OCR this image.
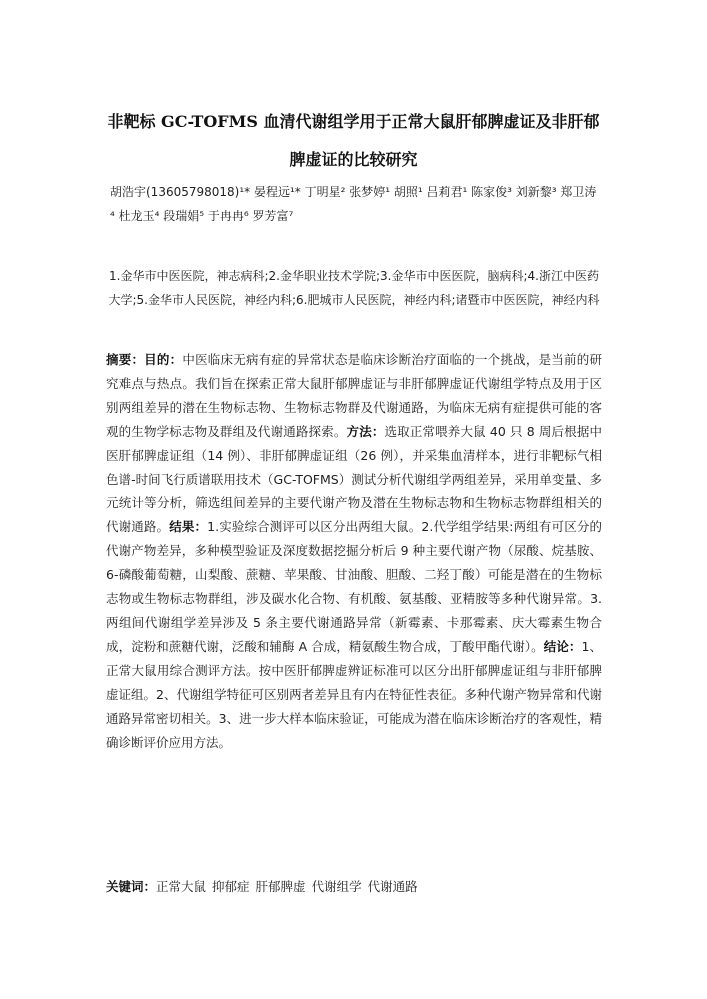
非靶标 GC-TOFMS 血清代谢组学用于正常大鼠肝郁脾虚证及非肝郁脾虚证的比较研究
胡浩宇(13605798018)¹* 晏程远¹* 丁明星² 张梦婷¹ 胡照¹ 吕莉君¹ 陈家俊³ 刘新黎³ 郑卫涛⁴ 杜龙玉⁴ 段瑞娟⁵ 于冉冉⁶ 罗芳富⁷
1.金华市中医医院，神志病科;2.金华职业技术学院;3.金华市中医医院，脑病科;4.浙江中医药大学;5.金华市人民医院，神经内科;6.肥城市人民医院，神经内科;诸暨市中医医院，神经内科
摘要：目的：中医临床无病有症的异常状态是临床诊断治疗面临的一个挑战，是当前的研究难点与热点。我们旨在探索正常大鼠肝郁脾虚证与非肝郁脾虚证代谢组学特点及用于区别两组差异的潜在生物标志物、生物标志物群及代谢通路，为临床无病有症提供可能的客观的生物学标志物及群组及代谢通路探索。方法：选取正常喂养大鼠 40 只 8 周后根据中医肝郁脾虚证组（14 例）、非肝郁脾虚证组（26 例），并采集血清样本，进行非靶标气相色谱-时间飞行质谱联用技术（GC-TOFMS）测试分析代谢组学两组差异，采用单变量、多元统计等分析，筛选组间差异的主要代谢产物及潜在生物标志物和生物标志物群组相关的代谢通路。结果：1.实验综合测评可以区分出两组大鼠。2.代学组学结果:两组有可区分的代谢产物差异，多种模型验证及深度数据挖掘分析后 9 种主要代谢产物（尿酸、烷基胺、6-磷酸葡萄糖，山梨酸、蔗糖、苹果酸、甘油酸、胆酸、二羟丁酸）可能是潜在的生物标志物或生物标志物群组，涉及碳水化合物、有机酸、氨基酸、亚精胺等多种代谢异常。3.两组间代谢组学差异涉及 5 条主要代谢通路异常（新霉素、卡那霉素、庆大霉素生物合成，淀粉和蔗糖代谢，泛酸和辅酶 A 合成，精氨酸生物合成，丁酸甲酯代谢）。结论：1、正常大鼠用综合测评方法。按中医肝郁脾虚辨证标准可以区分出肝郁脾虚证组与非肝郁脾虚证组。2、代谢组学特征可区别两者差异且有内在特征性表征。多种代谢产物异常和代谢通路异常密切相关。3、进一步大样本临床验证，可能成为潜在临床诊断治疗的客观性，精确诊断评价应用方法。
关键词：正常大鼠 抑郁症 肝郁脾虚 代谢组学 代谢通路
